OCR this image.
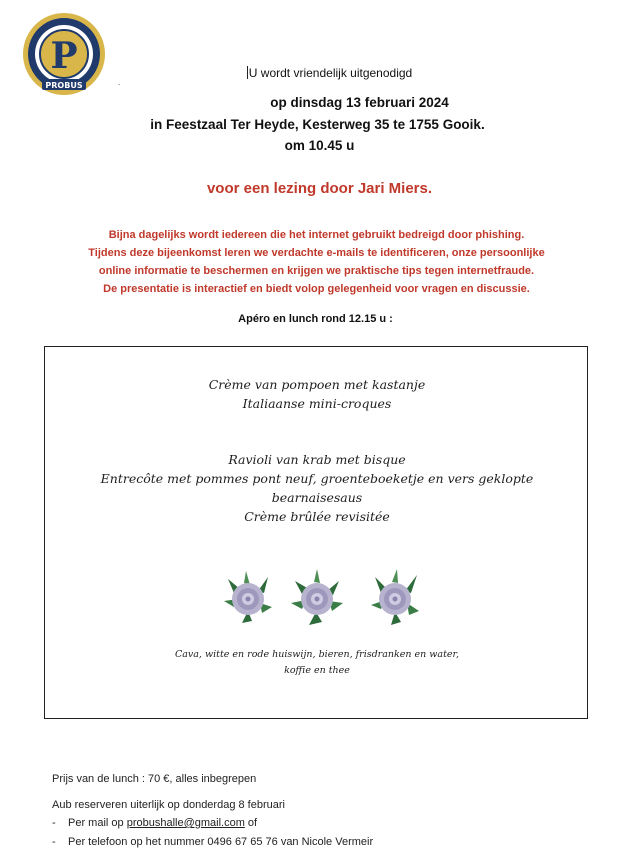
P
PROBUS	.
U wordt vriendelijk uitgenodigd
op dinsdag 13 februari 2024
in Feestzaal Ter Heyde, Kesterweg 35 te 1755 Gooik.
om 10.45 u
voor een lezing door Jari Miers.
Bijna dagelijks wordt iedereen die het internet gebruikt bedreigd door phishing.
Tijdens deze bijeenkomst leren we verdachte e-mails te identificeren, onze persoonlijke
online informatie te beschermen en krijgen we praktische tips tegen internetfraude.
De presentatie is interactief en biedt volop gelegenheid voor vragen en discussie.
Apéro en lunch rond 12.15 u :
Crème van pompoen met kastanje
Italiaanse mini-croques
Ravioli van krab met bisque
Entrecôte met pommes pont neuf, groenteboeketje en vers geklopte
bearnaisesaus
Crème brûlée revisitée
Cava, witte en rode huiswijn, bieren, frisdranken en water,
koffie en thee
Prijs van de lunch : 70 €, alles inbegrepen
Aub reserveren uiterlijk op donderdag 8 februari
- Per mail op probushalle@gmail.com of
- Per telefoon op het nummer 0496 67 65 76 van Nicole Vermeir
